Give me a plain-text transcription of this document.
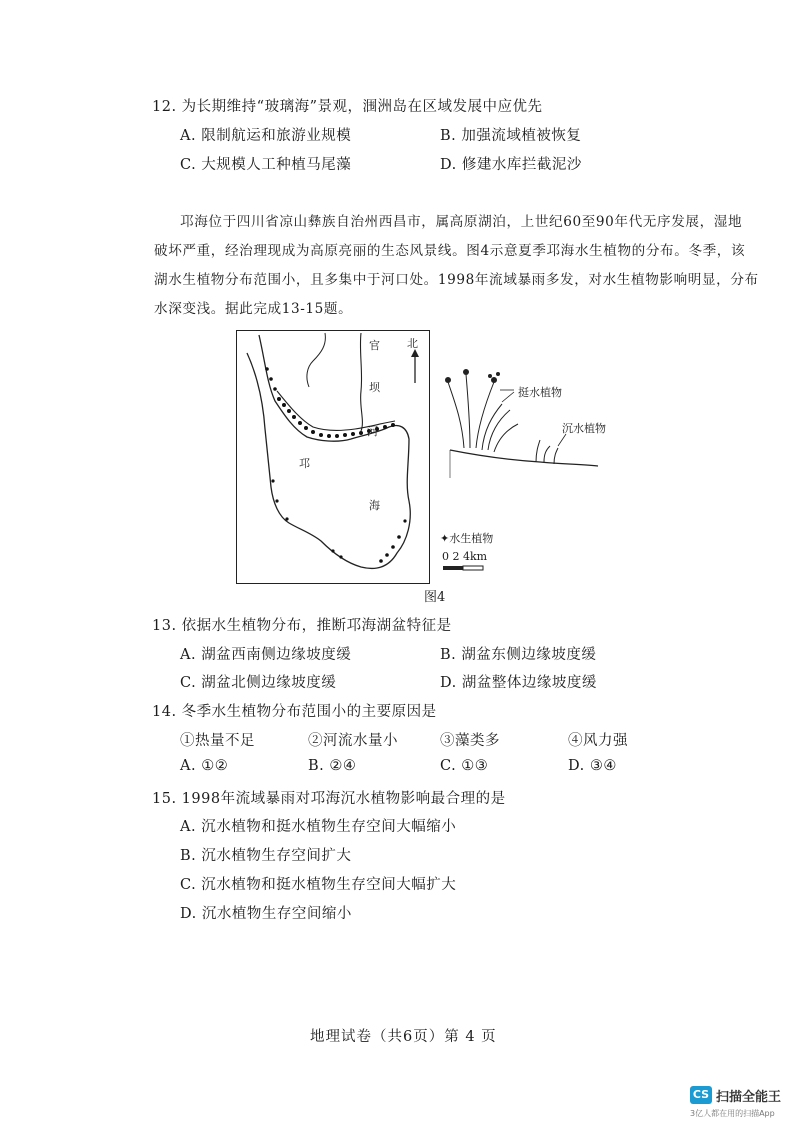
12. 为长期维持“玻璃海”景观，涠洲岛在区域发展中应优先
A. 限制航运和旅游业规模	B. 加强流域植被恢复
C. 大规模人工种植马尾藻	D. 修建水库拦截泥沙
邛海位于四川省凉山彝族自治州西昌市，属高原湖泊，上世纪60至90年代无序发展，湿地
破坏严重，经治理现成为高原亮丽的生态风景线。图4示意夏季邛海水生植物的分布。冬季，该
湖水生植物分布范围小，且多集中于河口处。1998年流域暴雨多发，对水生植物影响明显，分布
水深变浅。据此完成13-15题。
北
官
坝
河
邛
海
✦水生植物
0 2 4km
挺水植物
沉水植物
图4
13. 依据水生植物分布，推断邛海湖盆特征是
A. 湖盆西南侧边缘坡度缓	B. 湖盆东侧边缘坡度缓
C. 湖盆北侧边缘坡度缓	D. 湖盆整体边缘坡度缓
14. 冬季水生植物分布范围小的主要原因是
①热量不足	②河流水量小	③藻类多	④风力强
A. ①②	B. ②④	C. ①③	D. ③④
15. 1998年流域暴雨对邛海沉水植物影响最合理的是
A. 沉水植物和挺水植物生存空间大幅缩小
B. 沉水植物生存空间扩大
C. 沉水植物和挺水植物生存空间大幅扩大
D. 沉水植物生存空间缩小
地理试卷（共6页）第 4 页
CS 扫描全能王
3亿人都在用的扫描App
